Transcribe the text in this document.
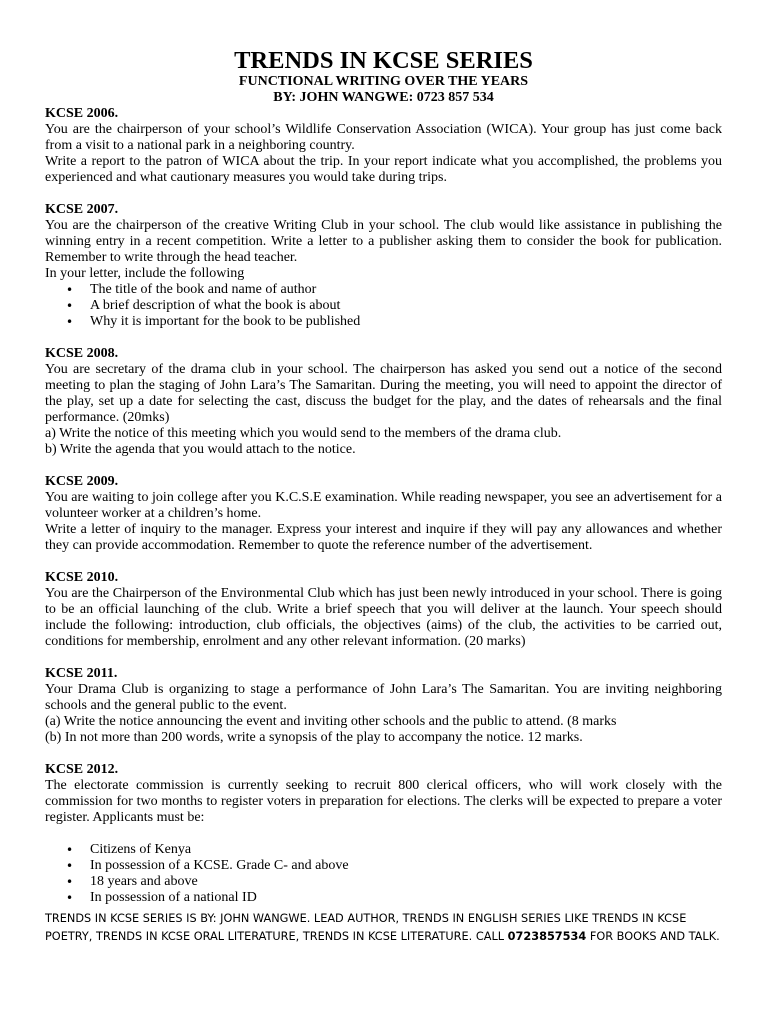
TRENDS IN KCSE SERIES

FUNCTIONAL WRITING OVER THE YEARS

BY: JOHN WANGWE: 0723 857 534

KCSE 2006.

You are the chairperson of your school’s Wildlife Conservation Association (WICA). Your group has just come back from a visit to a national park in a neighboring country.

Write a report to the patron of WICA about the trip. In your report indicate what you accomplished, the problems you experienced and what cautionary measures you would take during trips.

KCSE 2007.

You are the chairperson of the creative Writing Club in your school. The club would like assistance in publishing the winning entry in a recent competition. Write a letter to a publisher asking them to consider the book for publication. Remember to write through the head teacher.

In your letter, include the following

• The title of the book and name of author
• A brief description of what the book is about
• Why it is important for the book to be published

KCSE 2008.

You are secretary of the drama club in your school. The chairperson has asked you send out a notice of the second meeting to plan the staging of John Lara’s The Samaritan. During the meeting, you will need to appoint the director of the play, set up a date for selecting the cast, discuss the budget for the play, and the dates of rehearsals and the final performance. (20mks)

a) Write the notice of this meeting which you would send to the members of the drama club.

b) Write the agenda that you would attach to the notice.

KCSE 2009.

You are waiting to join college after you K.C.S.E examination. While reading newspaper, you see an advertisement for a volunteer worker at a children’s home.

Write a letter of inquiry to the manager. Express your interest and inquire if they will pay any allowances and whether they can provide accommodation. Remember to quote the reference number of the advertisement.

KCSE 2010.

You are the Chairperson of the Environmental Club which has just been newly introduced in your school. There is going to be an official launching of the club. Write a brief speech that you will deliver at the launch. Your speech should include the following: introduction, club officials, the objectives (aims) of the club, the activities to be carried out, conditions for membership, enrolment and any other relevant information. (20 marks)

KCSE 2011.

Your Drama Club is organizing to stage a performance of John Lara’s The Samaritan. You are inviting neighboring schools and the general public to the event.

(a) Write the notice announcing the event and inviting other schools and the public to attend. (8 marks

(b) In not more than 200 words, write a synopsis of the play to accompany the notice. 12 marks.

KCSE 2012.

The electorate commission is currently seeking to recruit 800 clerical officers, who will work closely with the commission for two months to register voters in preparation for elections. The clerks will be expected to prepare a voter register. Applicants must be:

• Citizens of Kenya
• In possession of a KCSE. Grade C- and above
• 18 years and above
• In possession of a national ID

TRENDS IN KCSE SERIES IS BY: JOHN WANGWE. LEAD AUTHOR, TRENDS IN ENGLISH SERIES LIKE TRENDS IN KCSE POETRY, TRENDS IN KCSE ORAL LITERATURE, TRENDS IN KCSE LITERATURE. CALL 0723857534 FOR BOOKS AND TALK.
